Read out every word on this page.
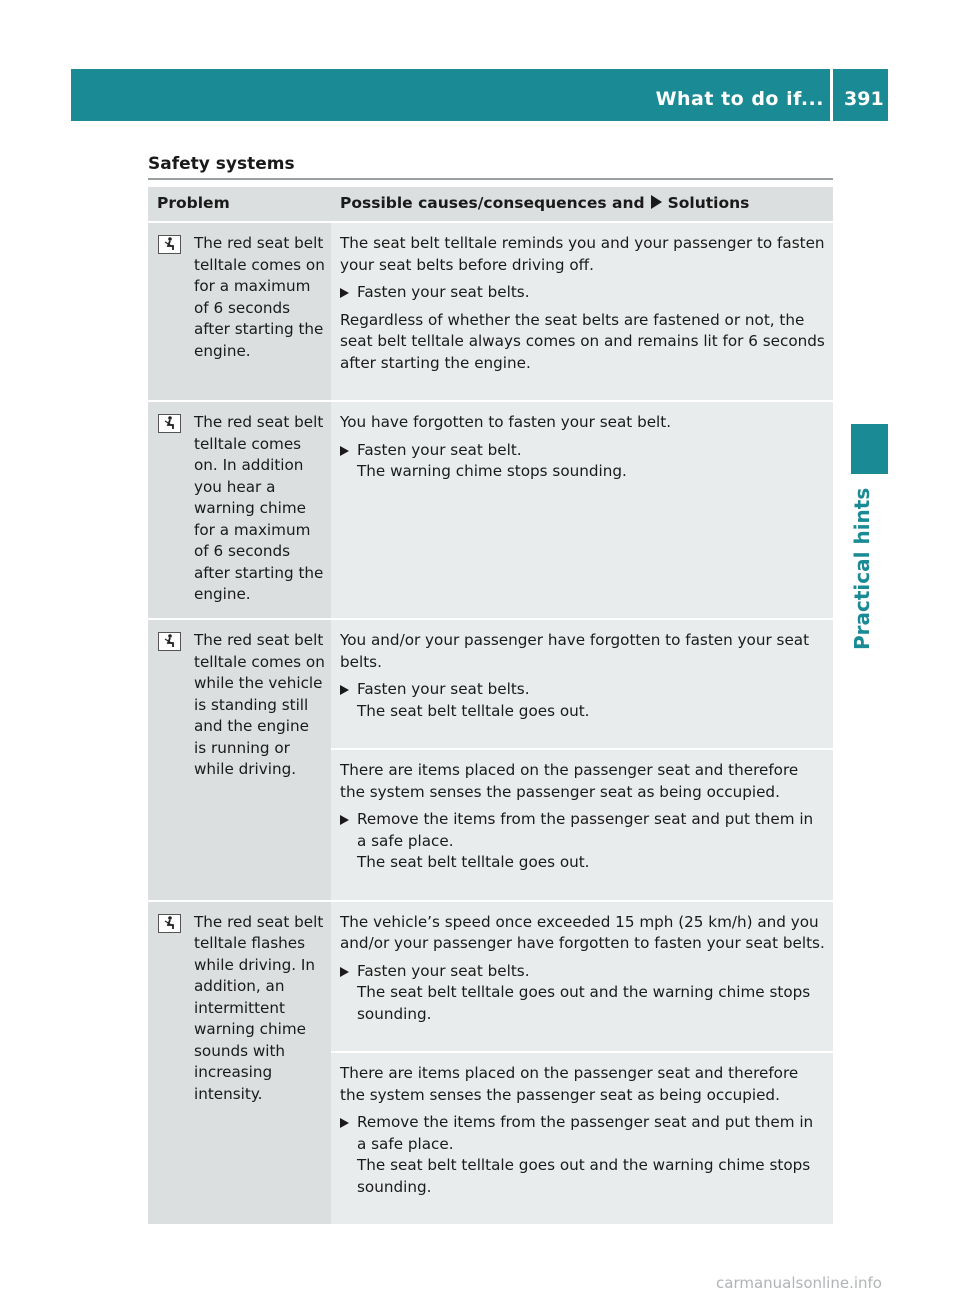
What to do if... 391
Practical hints
Safety systems
Problem		Possible causes/consequences and Solutions

	The red seat belt telltale comes on for a maximum of 6 seconds after starting the engine.	The seat belt telltale reminds you and your passenger to fasten your seat belts before driving off.

Fasten your seat belts.

Regardless of whether the seat belts are fastened or not, the seat belt telltale always comes on and remains lit for 6 seconds after starting the engine.

	The red seat belt telltale comes on. In addition you hear a warning chime for a maximum of 6 seconds after starting the engine.	You have forgotten to fasten your seat belt.

Fasten your seat belt.
The warning chime stops sounding.

	The red seat belt telltale comes on while the vehicle is standing still and the engine is running or while driving.	You and/or your passenger have forgotten to fasten your seat belts.

Fasten your seat belts.
The seat belt telltale goes out.

		There are items placed on the passenger seat and therefore the system senses the passenger seat as being occupied.

Remove the items from the passenger seat and put them in a safe place.
The seat belt telltale goes out.

	The red seat belt telltale flashes while driving. In addition, an intermittent warning chime sounds with increasing intensity.	The vehicle’s speed once exceeded 15 mph (25 km/h) and you and/or your passenger have forgotten to fasten your seat belts.

Fasten your seat belts.
The seat belt telltale goes out and the warning chime stops sounding.

		There are items placed on the passenger seat and therefore the system senses the passenger seat as being occupied.

Remove the items from the passenger seat and put them in a safe place.
The seat belt telltale goes out and the warning chime stops sounding.
carmanualsonline.info
